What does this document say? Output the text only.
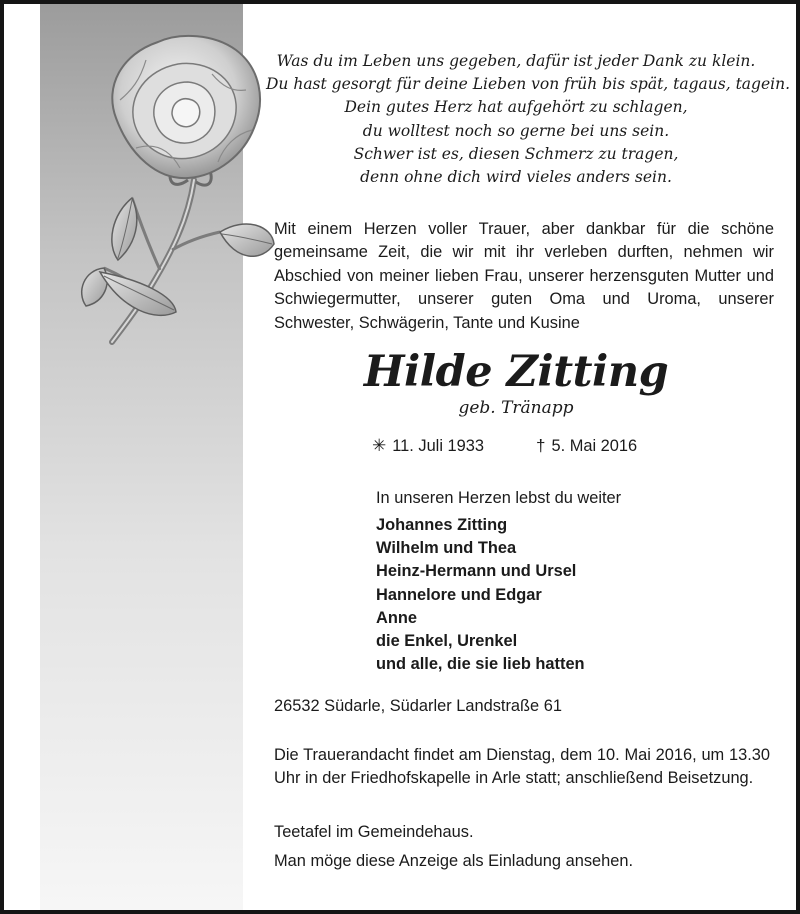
Was du im Leben uns gegeben, dafür ist jeder Dank zu klein.
Du hast gesorgt für deine Lieben von früh bis spät, tagaus, tagein.
Dein gutes Herz hat aufgehört zu schlagen,
du wolltest noch so gerne bei uns sein.
Schwer ist es, diesen Schmerz zu tragen,
denn ohne dich wird vieles anders sein.
Mit einem Herzen voller Trauer, aber dankbar für die schöne gemeinsame Zeit, die wir mit ihr verleben durften, nehmen wir Abschied von meiner lieben Frau, unserer herzensguten Mutter und Schwiegermutter, unserer guten Oma und Uroma, unserer Schwester, Schwägerin, Tante und Kusine
Hilde Zitting
geb. Tränapp
✳ 11. Juli 1933	† 5. Mai 2016
In unseren Herzen lebst du weiter
Johannes Zitting
Wilhelm und Thea
Heinz-Hermann und Ursel
Hannelore und Edgar
Anne
die Enkel, Urenkel
und alle, die sie lieb hatten
26532 Südarle, Südarler Landstraße 61
Die Trauerandacht findet am Dienstag, dem 10. Mai 2016, um 13.30 Uhr in der Friedhofskapelle in Arle statt; anschließend Beisetzung.
Teetafel im Gemeindehaus.
Man möge diese Anzeige als Einladung ansehen.
